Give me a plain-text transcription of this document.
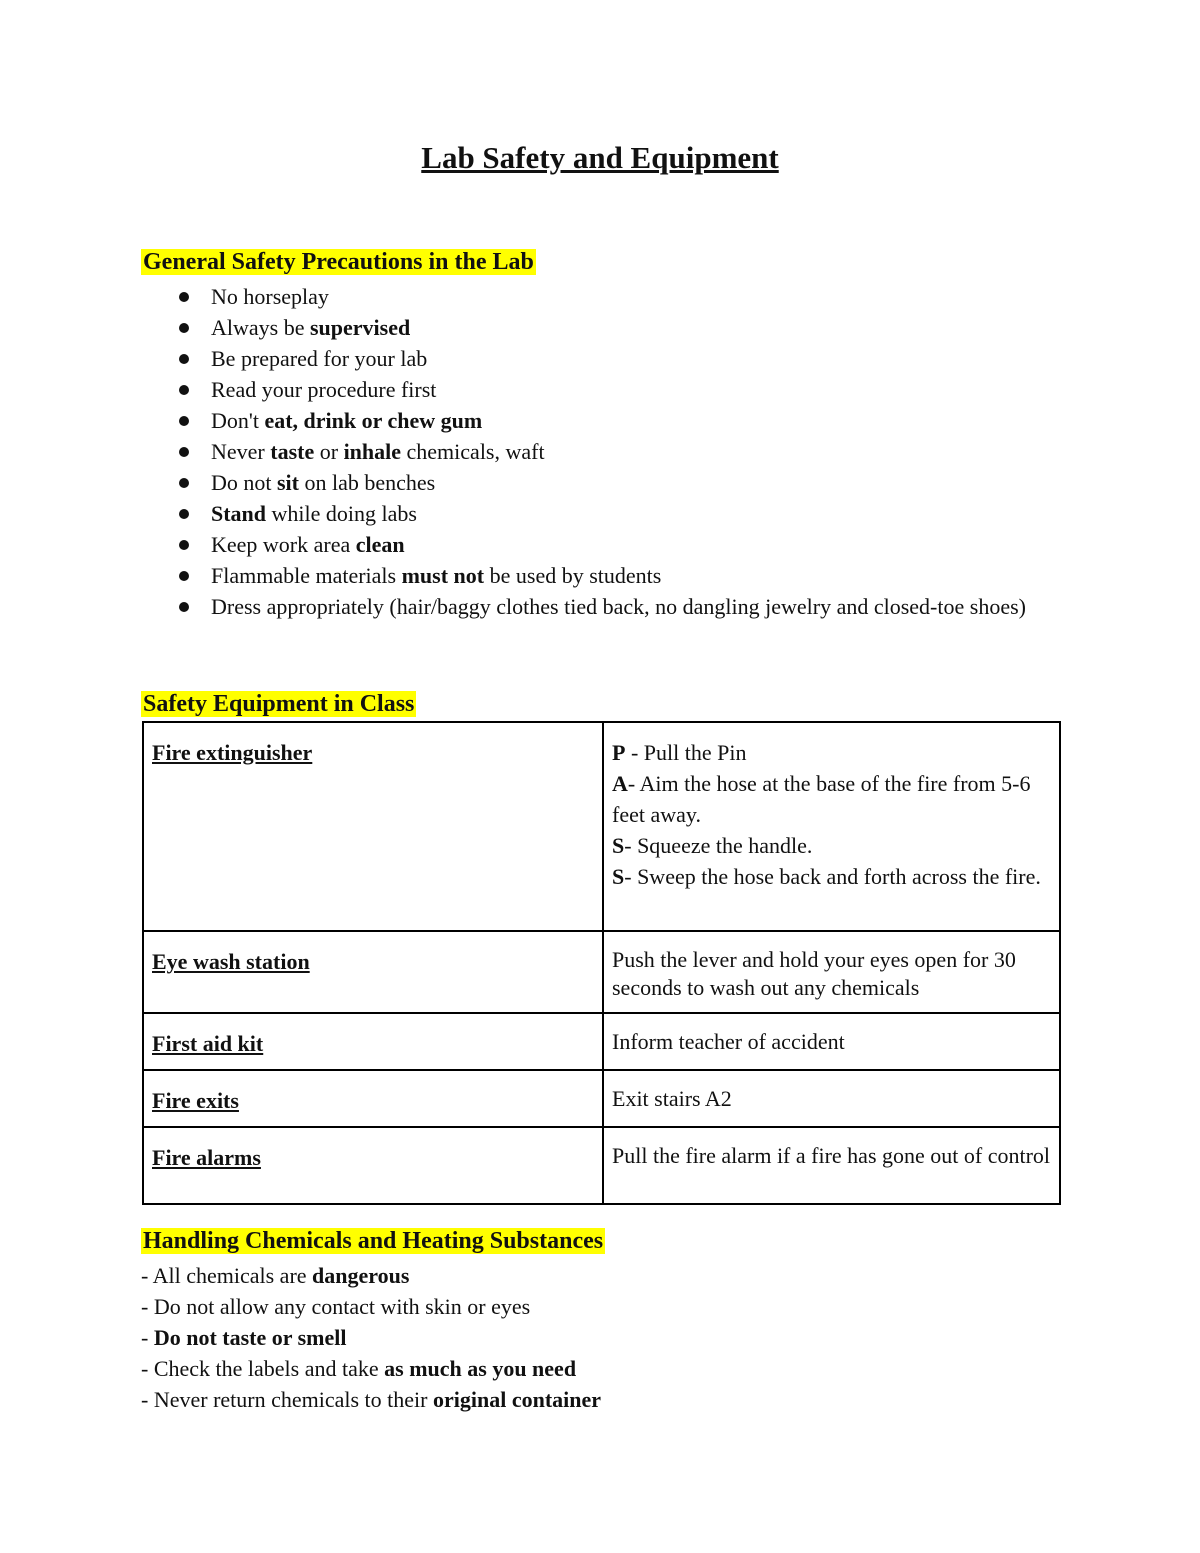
Lab Safety and Equipment
General Safety Precautions in the Lab
No horseplay
Always be supervised
Be prepared for your lab
Read your procedure first
Don't eat, drink or chew gum
Never taste or inhale chemicals, waft
Do not sit on lab benches
Stand while doing labs
Keep work area clean
Flammable materials must not be used by students
Dress appropriately (hair/baggy clothes tied back, no dangling jewelry and closed-toe shoes)
Safety Equipment in Class
Fire extinguisher	P - Pull the Pin
A- Aim the hose at the base of the fire from 5-6 feet away.
S- Squeeze the handle.
S- Sweep the hose back and forth across the fire.

Eye wash station	Push the lever and hold your eyes open for 30 seconds to wash out any chemicals

First aid kit	Inform teacher of accident

Fire exits	Exit stairs A2

Fire alarms	Pull the fire alarm if a fire has gone out of control
Handling Chemicals and Heating Substances
- All chemicals are dangerous
- Do not allow any contact with skin or eyes
- Do not taste or smell
- Check the labels and take as much as you need
- Never return chemicals to their original container
